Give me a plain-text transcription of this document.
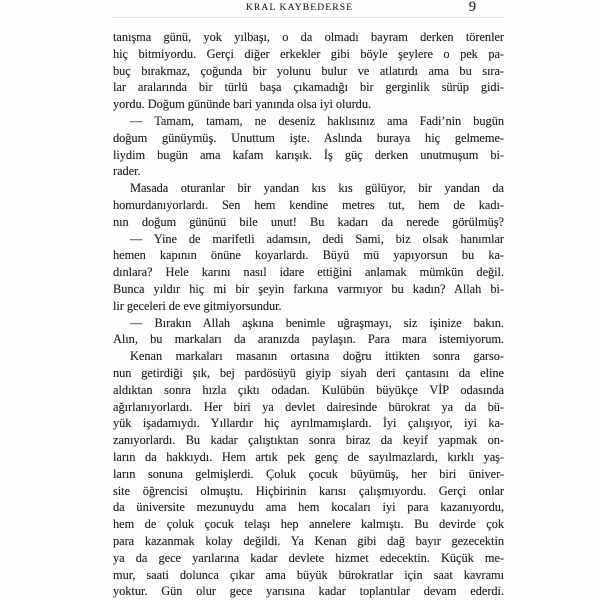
KRAL KAYBEDERSE	9
tanışma günü, yok yılbaşı, o da olmadı bayram derken törenler
hiç bitmiyordu. Gerçi diğer erkekler gibi böyle şeylere o pek pa-
buç bırakmaz, çoğunda bir yolunu bulur ve atlatırdı ama bu sıra-
lar aralarında bir türlü başa çıkamadığı bir gerginlik sürüp gidi-
yordu. Doğum gününde bari yanında olsa iyi olurdu.
— Tamam, tamam, ne deseniz haklısınız ama Fadi’nin bugün
doğum günüymüş. Unuttum işte. Aslında buraya hiç gelmeme-
liydim bugün ama kafam karışık. İş güç derken unutmuşum bi-
rader.
Masada oturanlar bir yandan kıs kıs gülüyor, bir yandan da
homurdanıyorlardı. Sen hem kendine metres tut, hem de kadı-
nın doğum gününü bile unut! Bu kadarı da nerede görülmüş?
— Yine de marifetli adamsın, dedi Sami, biz olsak hanımlar
hemen kapının önüne koyarlardı. Büyü mü yapıyorsun bu ka-
dınlara? Hele karını nasıl idare ettiğini anlamak mümkün değil.
Bunca yıldır hiç mi bir şeyin farkına varmıyor bu kadın? Allah bi-
lir geceleri de eve gitmiyorsundur.
— Bırakın Allah aşkına benimle uğraşmayı, siz işinize bakın.
Alın, bu markaları da aranızda paylaşın. Para mara istemiyorum.
Kenan markaları masanın ortasına doğru ittikten sonra garso-
nun getirdiği şık, bej pardösüyü giyip siyah deri çantasını da eline
aldıktan sonra hızla çıktı odadan. Kulübün büyükçe VİP odasında
ağırlanıyorlardı. Her biri ya devlet dairesinde bürokrat ya da bü-
yük işadamıydı. Yıllardır hiç ayrılmamışlardı. İyi çalışıyor, iyi ka-
zanıyorlardı. Bu kadar çalıştıktan sonra biraz da keyif yapmak on-
ların da hakkıydı. Hem artık pek genç de sayılmazlardı, kırklı yaş-
ların sonuna gelmişlerdi. Çoluk çocuk büyümüş, her biri üniver-
site öğrencisi olmuştu. Hiçbirinin karısı çalışmıyordu. Gerçi onlar
da üniversite mezunuydu ama hem kocaları iyi para kazanıyordu,
hem de çoluk çocuk telaşı hep annelere kalmıştı. Bu devirde çok
para kazanmak kolay değildi. Ya Kenan gibi dağ bayır gezecektin
ya da gece yarılarına kadar devlete hizmet edecektin. Küçük me-
mur, saati dolunca çıkar ama büyük bürokratlar için saat kavramı
yoktur. Gün olur gece yarısına kadar toplantılar devam ederdi.
